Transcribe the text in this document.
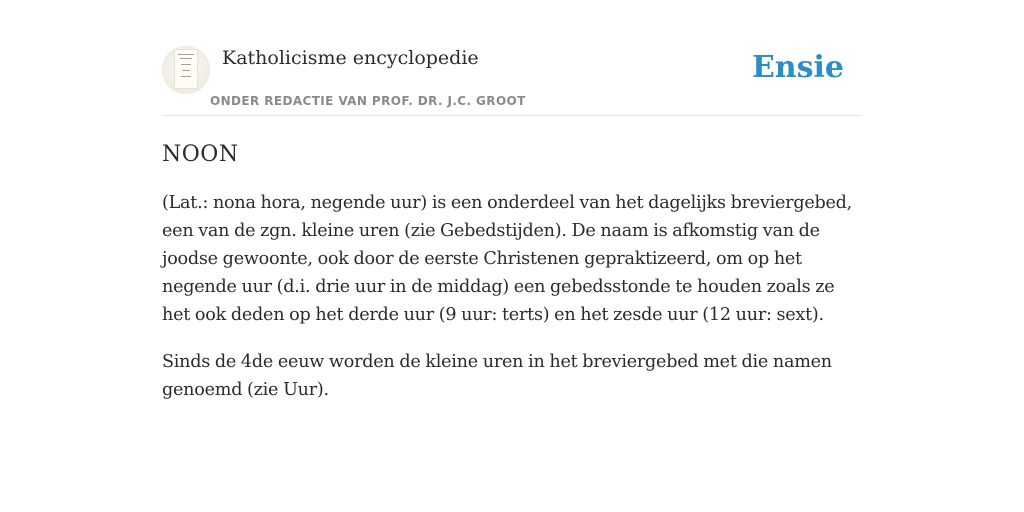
Katholicisme encyclopedie
ONDER REDACTIE VAN PROF. DR. J.C. GROOT
Ensie
NOON

(Lat.: nona hora, negende uur) is een onderdeel van het dagelijks breviergebed, een van de zgn. kleine uren (zie Gebedstijden). De naam is afkomstig van de joodse gewoonte, ook door de eerste Christenen gepraktizeerd, om op het negende uur (d.i. drie uur in de middag) een gebedsstonde te houden zoals ze het ook deden op het derde uur (9 uur: terts) en het zesde uur (12 uur: sext).

Sinds de 4de eeuw worden de kleine uren in het breviergebed met die namen genoemd (zie Uur).
